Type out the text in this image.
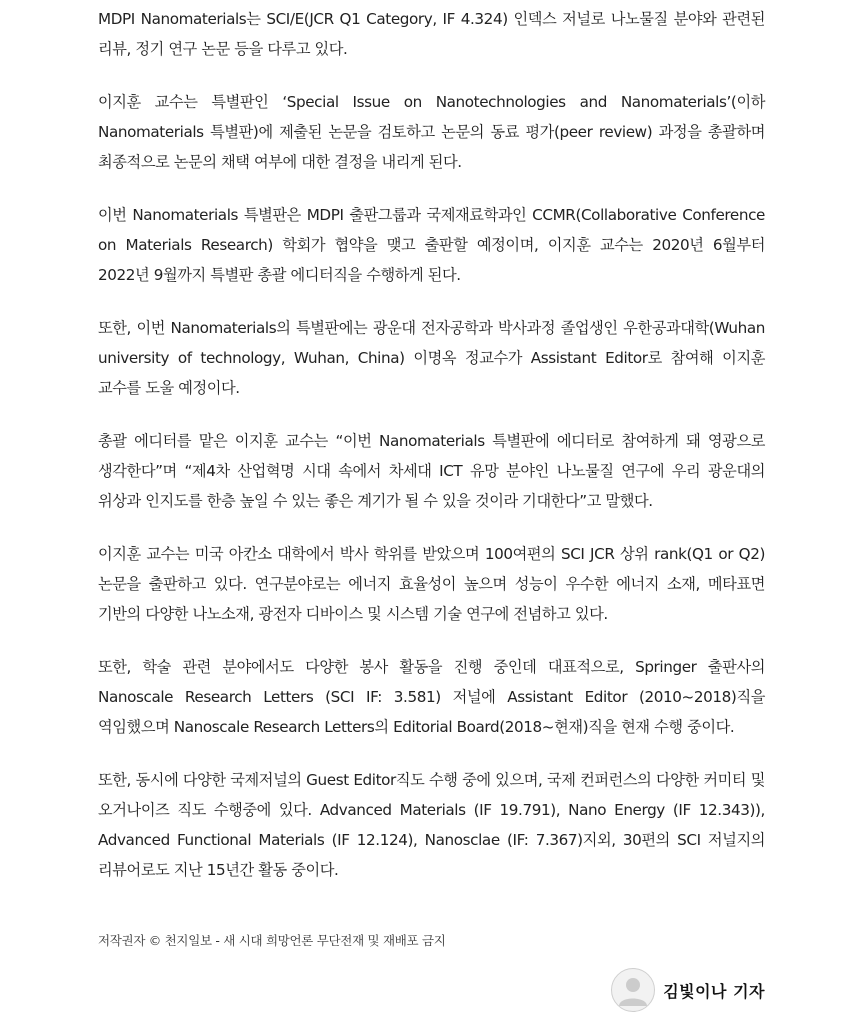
MDPI Nanomaterials는 SCI/E(JCR Q1 Category, IF 4.324) 인덱스 저널로 나노물질 분야와 관련된 리뷰, 정기 연구 논문 등을 다루고 있다.

이지훈 교수는 특별판인 ‘Special Issue on Nanotechnologies and Nanomaterials’(이하 Nanomaterials 특별판)에 제출된 논문을 검토하고 논문의 동료 평가(peer review) 과정을 총괄하며 최종적으로 논문의 채택 여부에 대한 결정을 내리게 된다.

이번 Nanomaterials 특별판은 MDPI 출판그룹과 국제재료학과인 CCMR(Collaborative Conference on Materials Research) 학회가 협약을 맺고 출판할 예정이며, 이지훈 교수는 2020년 6월부터 2022년 9월까지 특별판 총괄 에디터직을 수행하게 된다.

또한, 이번 Nanomaterials의 특별판에는 광운대 전자공학과 박사과정 졸업생인 우한공과대학(Wuhan university of technology, Wuhan, China) 이명옥 정교수가 Assistant Editor로 참여해 이지훈 교수를 도울 예정이다.

총괄 에디터를 맡은 이지훈 교수는 “이번 Nanomaterials 특별판에 에디터로 참여하게 돼 영광으로 생각한다”며 “제4차 산업혁명 시대 속에서 차세대 ICT 유망 분야인 나노물질 연구에 우리 광운대의 위상과 인지도를 한층 높일 수 있는 좋은 계기가 될 수 있을 것이라 기대한다”고 말했다.

이지훈 교수는 미국 아칸소 대학에서 박사 학위를 받았으며 100여편의 SCI JCR 상위 rank(Q1 or Q2) 논문을 출판하고 있다. 연구분야로는 에너지 효율성이 높으며 성능이 우수한 에너지 소재, 메타표면 기반의 다양한 나노소재, 광전자 디바이스 및 시스템 기술 연구에 전념하고 있다.

또한, 학술 관련 분야에서도 다양한 봉사 활동을 진행 중인데 대표적으로, Springer 출판사의 Nanoscale Research Letters (SCI IF: 3.581) 저널에 Assistant Editor (2010~2018)직을 역임했으며 Nanoscale Research Letters의 Editorial Board(2018~현재)직을 현재 수행 중이다.

또한, 동시에 다양한 국제저널의 Guest Editor직도 수행 중에 있으며, 국제 컨퍼런스의 다양한 커미티 및 오거나이즈 직도 수행중에 있다. Advanced Materials (IF 19.791), Nano Energy (IF 12.343)), Advanced Functional Materials (IF 12.124), Nanosclae (IF: 7.367)지외, 30편의 SCI 저널지의 리뷰어로도 지난 15년간 활동 중이다.

저작권자 © 천지일보 - 새 시대 희망언론 무단전재 및 재배포 금지
김빛이나 기자
